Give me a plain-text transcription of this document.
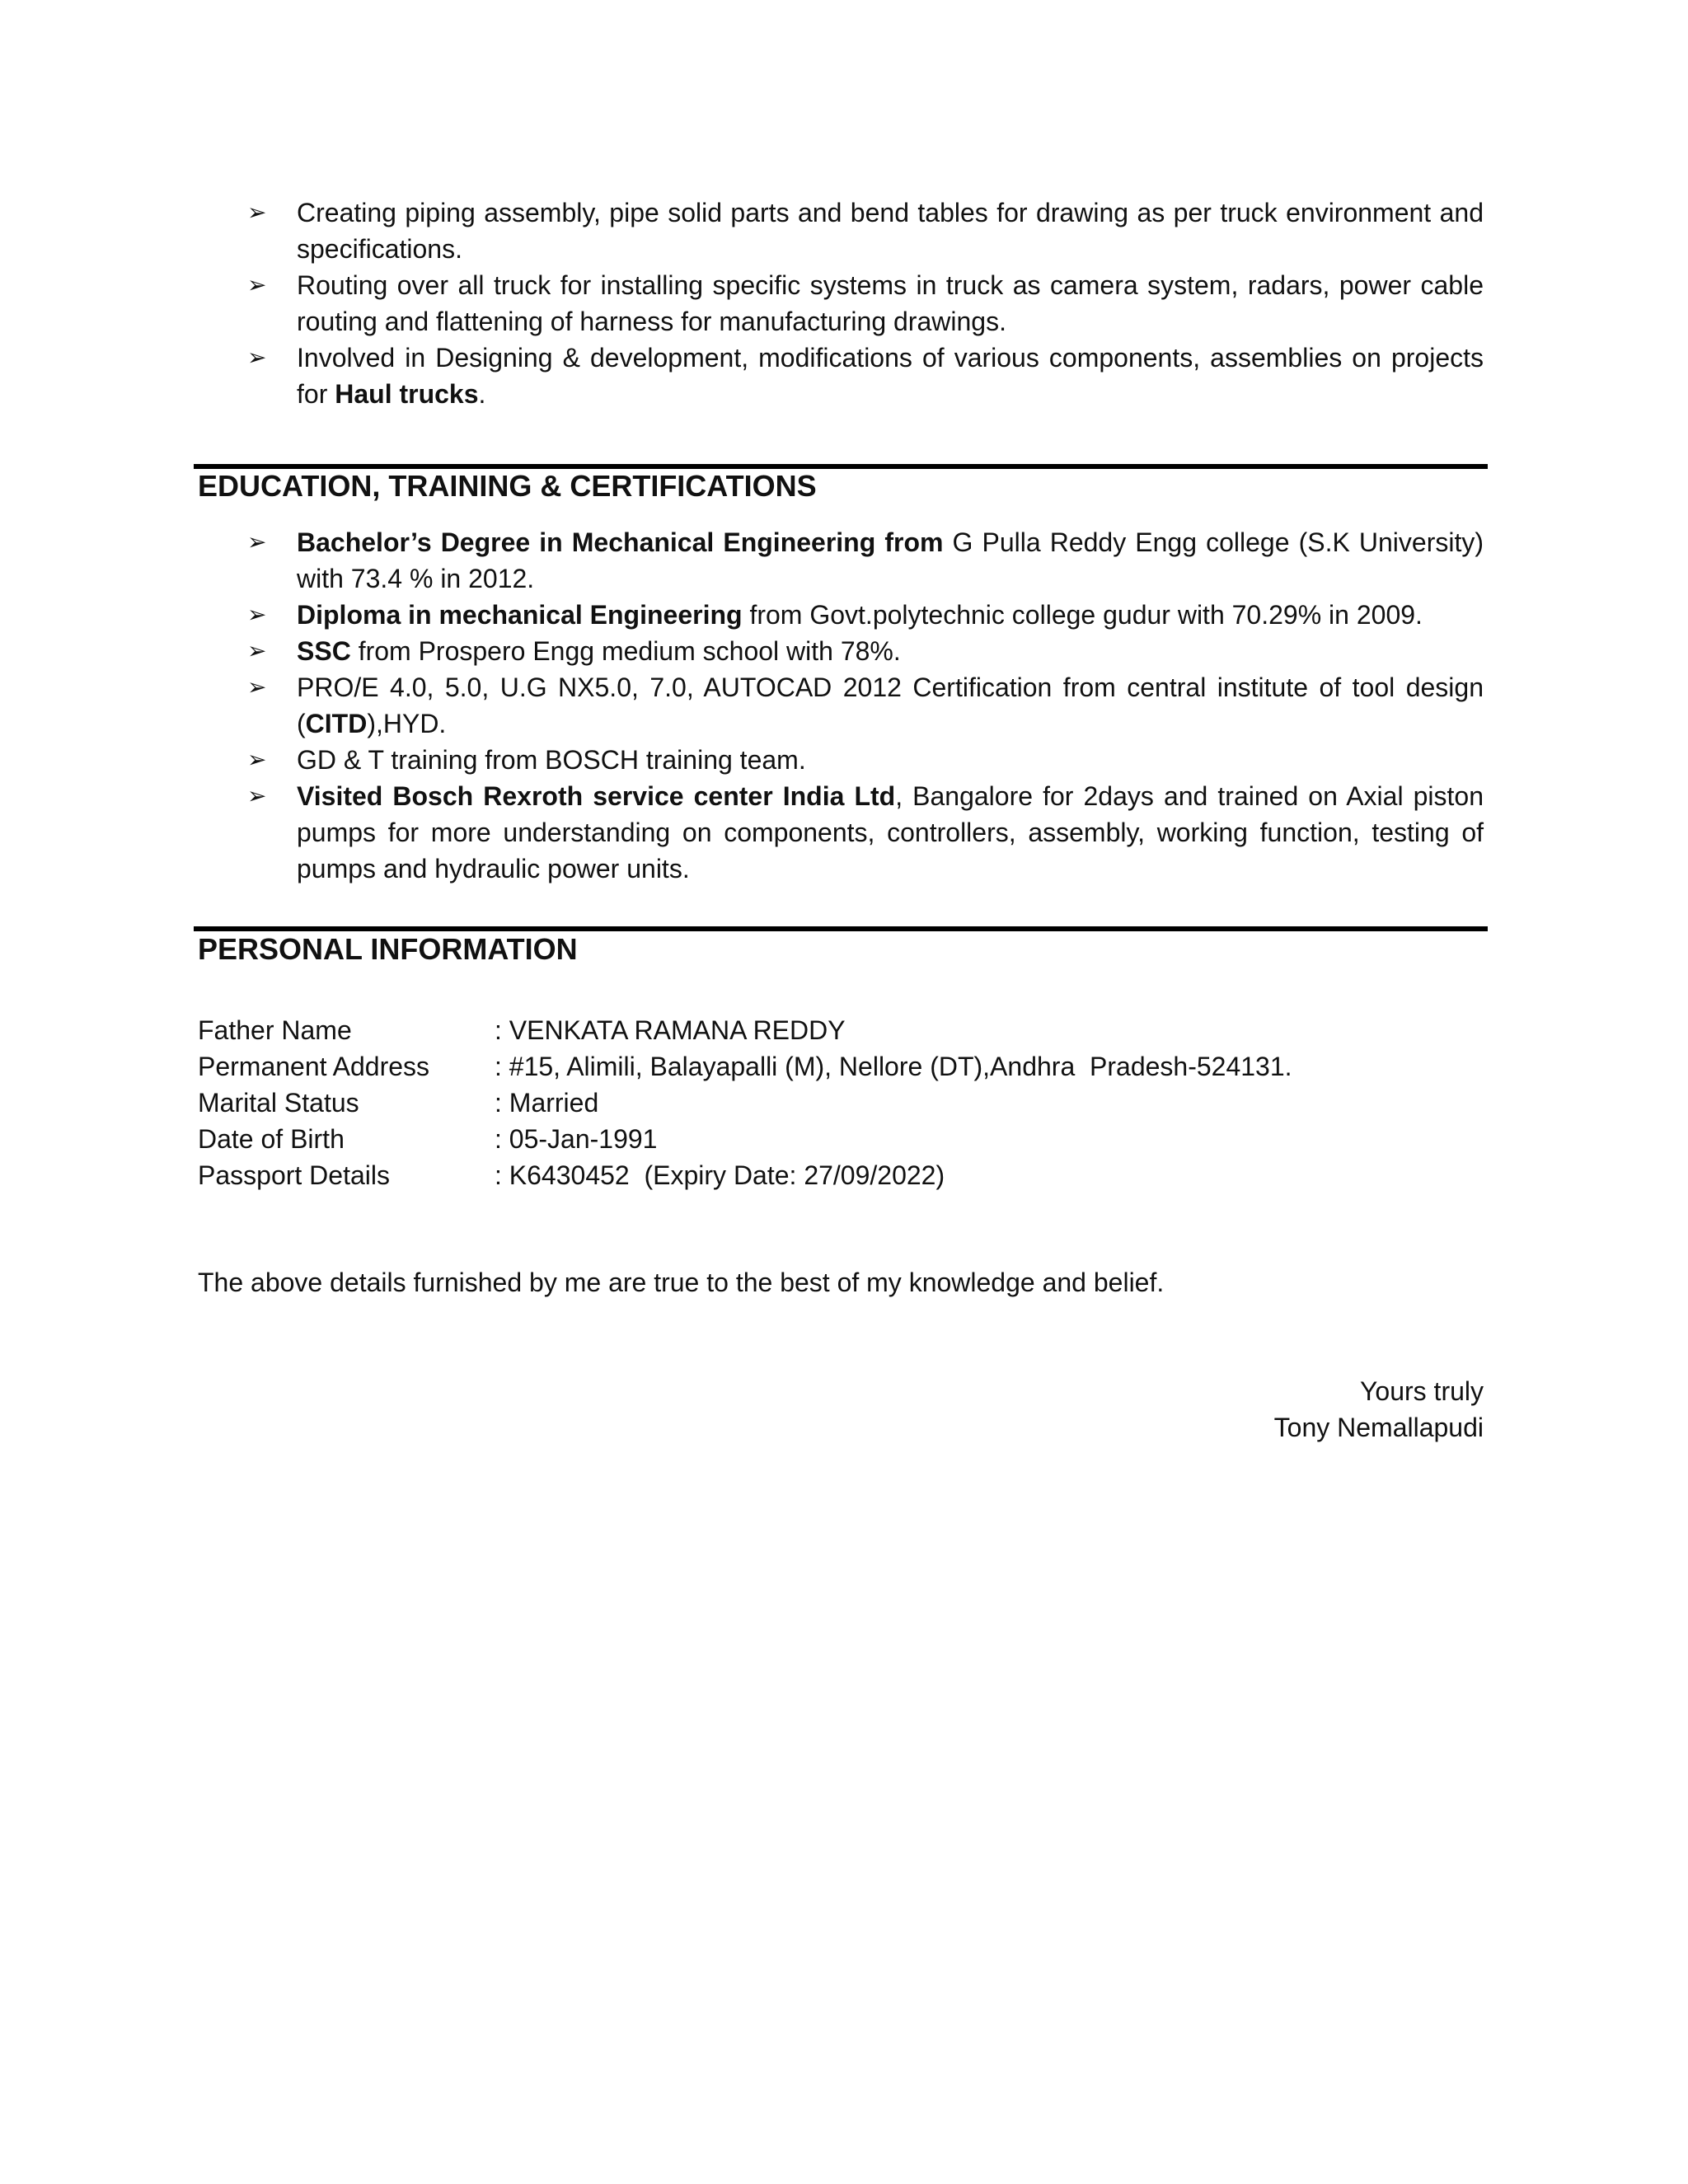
➢ Creating piping assembly, pipe solid parts and bend tables for drawing as per truck environment and specifications.
➢ Routing over all truck for installing specific systems in truck as camera system, radars, power cable routing and flattening of harness for manufacturing drawings.
➢ Involved in Designing & development, modifications of various components, assemblies on projects for Haul trucks.
EDUCATION, TRAINING & CERTIFICATIONS
➢ Bachelor’s Degree in Mechanical Engineering from G Pulla Reddy Engg college (S.K University) with 73.4 % in 2012.
➢ Diploma in mechanical Engineering from Govt.polytechnic college gudur with 70.29% in 2009.
➢ SSC from Prospero Engg medium school with 78%.
➢ PRO/E 4.0, 5.0, U.G NX5.0, 7.0, AUTOCAD 2012 Certification from central institute of tool design (CITD),HYD.
➢ GD & T training from BOSCH training team.
➢ Visited Bosch Rexroth service center India Ltd, Bangalore for 2days and trained on Axial piston pumps for more understanding on components, controllers, assembly, working function, testing of pumps and hydraulic power units.
PERSONAL INFORMATION
Father Name	: VENKATA RAMANA REDDY
Permanent Address	: #15, Alimili, Balayapalli (M), Nellore (DT),Andhra  Pradesh-524131.
Marital Status	: Married
Date of Birth	: 05-Jan-1991
Passport Details	: K6430452  (Expiry Date: 27/09/2022)

The above details furnished by me are true to the best of my knowledge and belief.

Yours truly
Tony Nemallapudi
